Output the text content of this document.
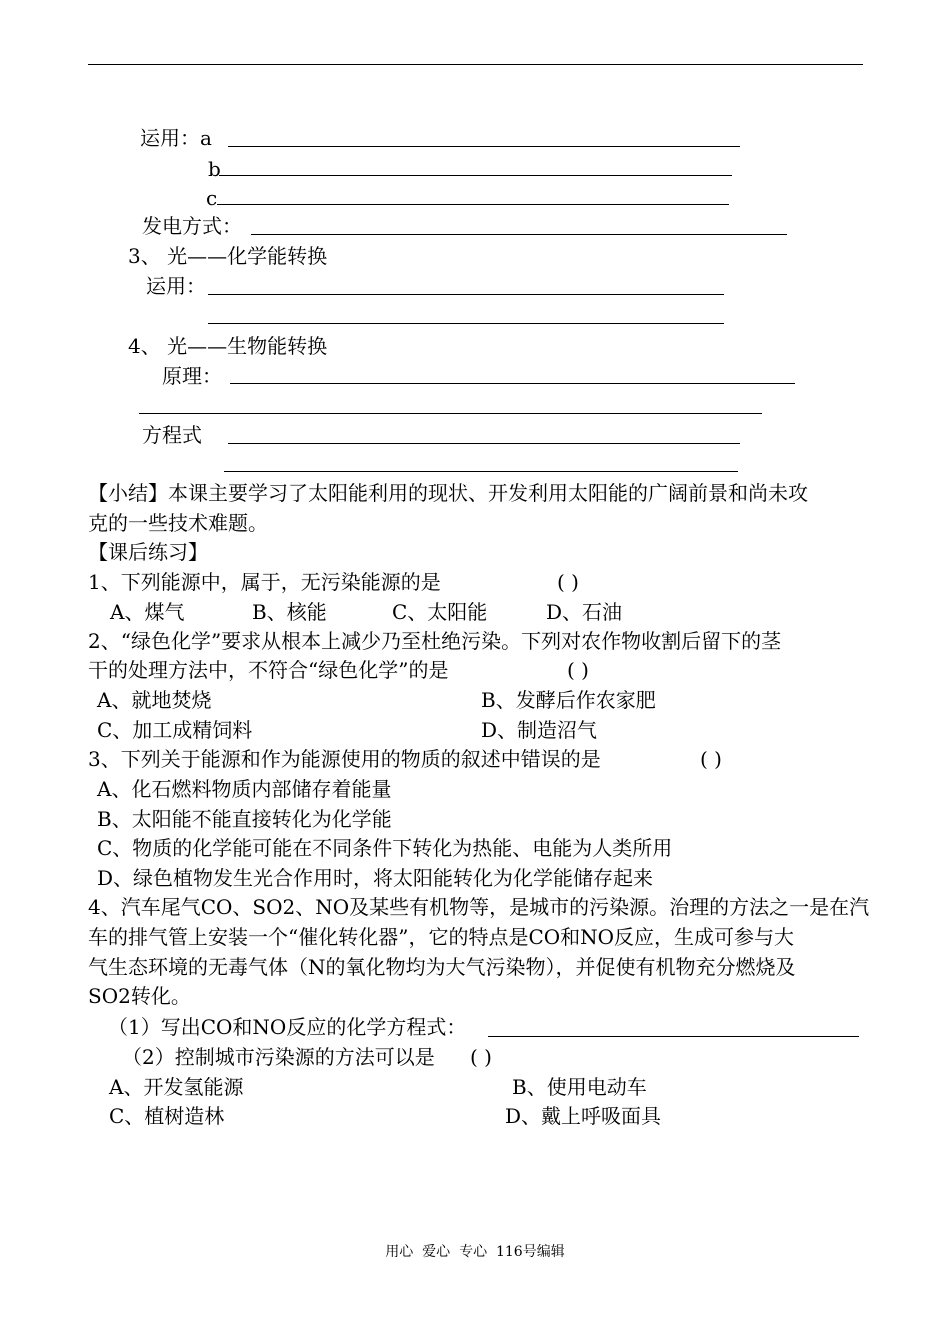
运用：a
b
c
发电方式：
3、 光——化学能转换
运用：
4、 光——生物能转换
原理：
方程式
【小结】本课主要学习了太阳能利用的现状、开发利用太阳能的广阔前景和尚未攻
克的一些技术难题。
【课后练习】
1、下列能源中，属于，无污染能源的是	( )
A、煤气	B、核能	C、太阳能	D、石油
2、“绿色化学”要求从根本上减少乃至杜绝污染。下列对农作物收割后留下的茎
干的处理方法中，不符合“绿色化学”的是	( )
A、就地焚烧	B、发酵后作农家肥
C、加工成精饲料	D、制造沼气
3、下列关于能源和作为能源使用的物质的叙述中错误的是	( )
A、化石燃料物质内部储存着能量
B、太阳能不能直接转化为化学能
C、物质的化学能可能在不同条件下转化为热能、电能为人类所用
D、绿色植物发生光合作用时，将太阳能转化为化学能储存起来
4、汽车尾气CO、SO2、NO及某些有机物等，是城市的污染源。治理的方法之一是在汽
车的排气管上安装一个“催化转化器”，它的特点是CO和NO反应，生成可参与大
气生态环境的无毒气体（N的氧化物均为大气污染物），并促使有机物充分燃烧及
SO2转化。
（1）写出CO和NO反应的化学方程式：
（2）控制城市污染源的方法可以是 ( )
A、开发氢能源	B、使用电动车
C、植树造林	D、戴上呼吸面具
用心  爱心  专心  116号编辑
